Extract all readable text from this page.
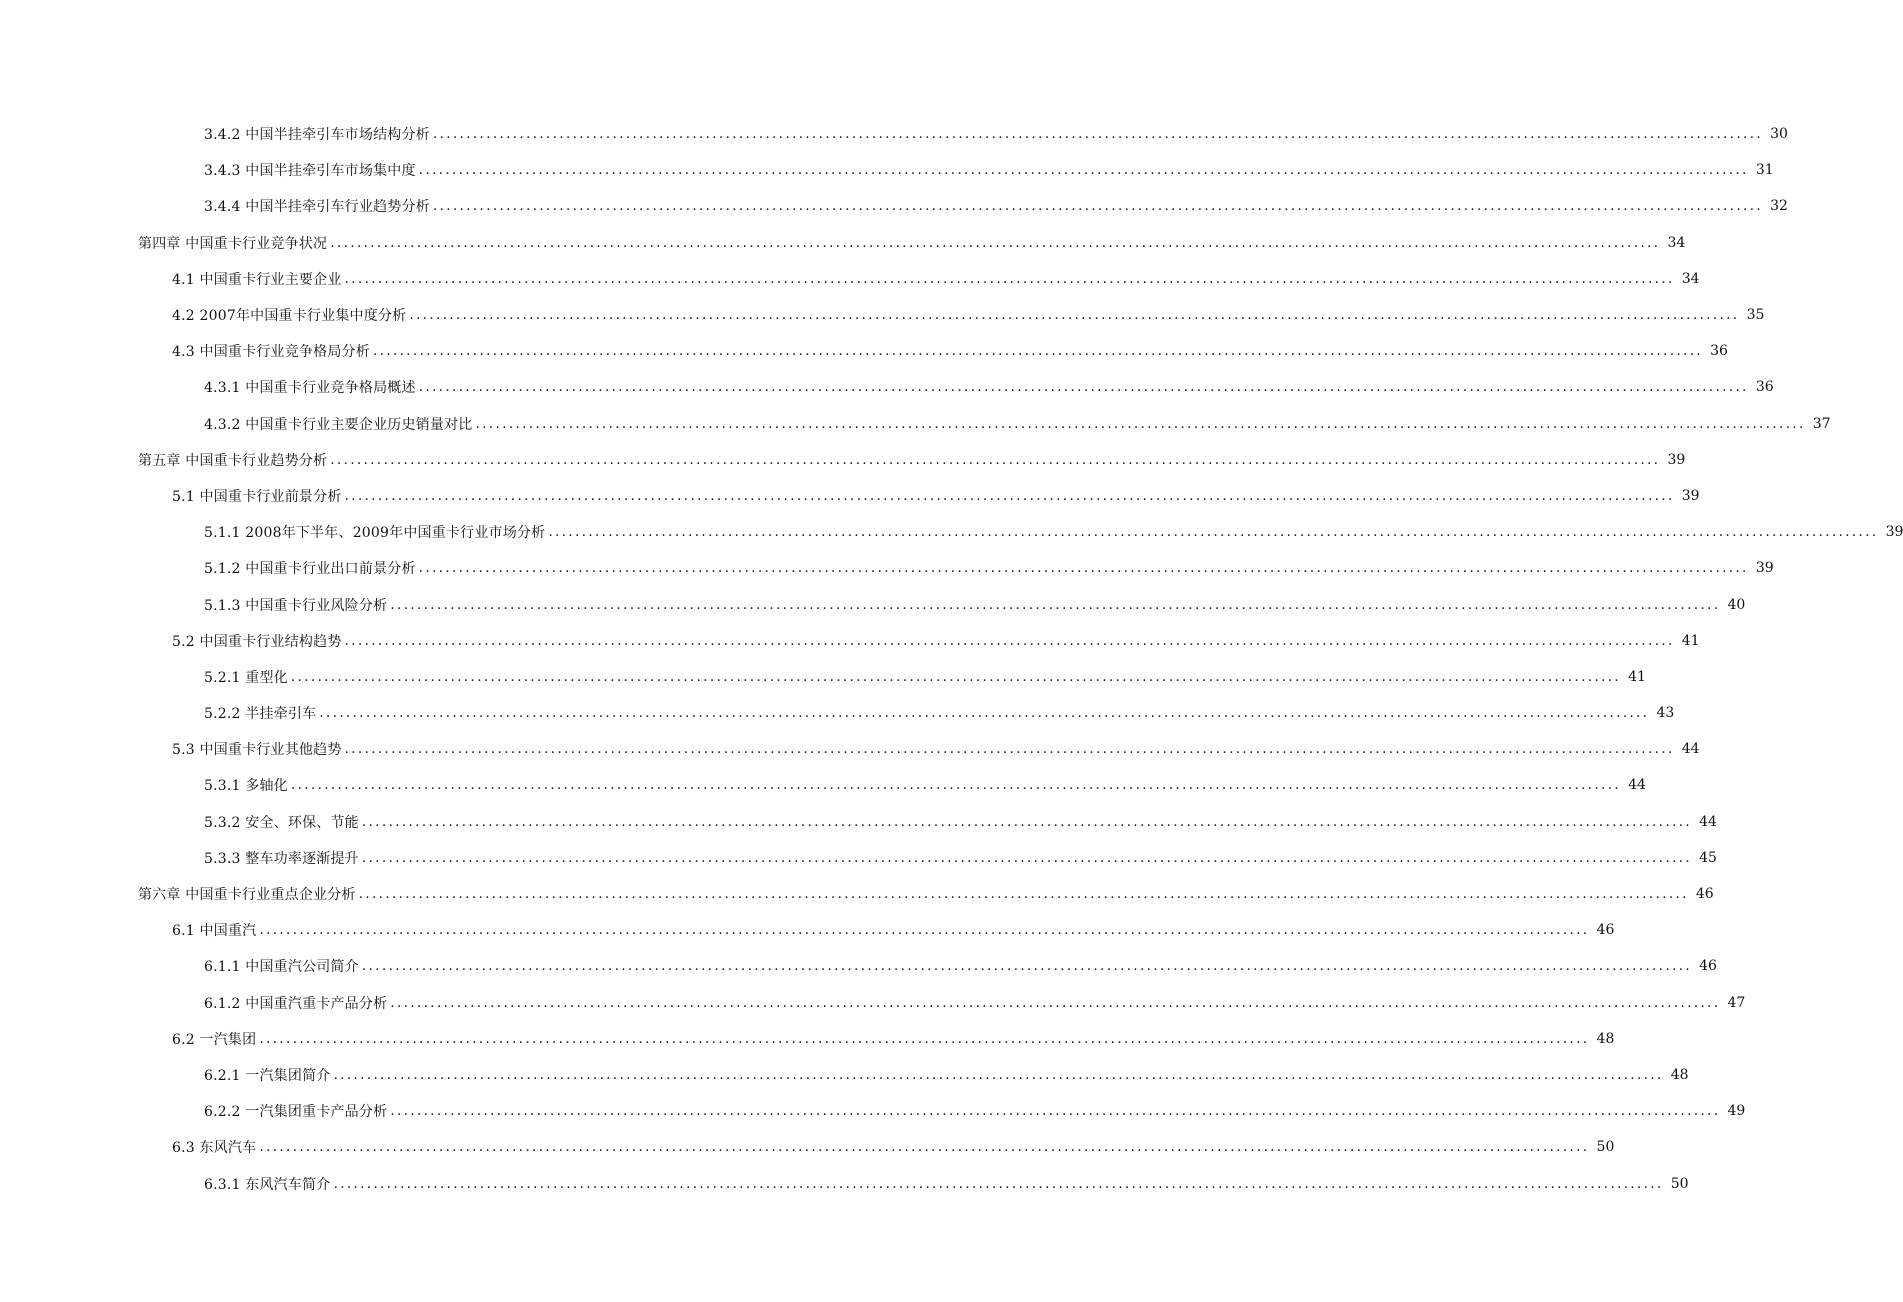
3.4.2 中国半挂牵引车市场结构分析 ........................................................................................................................................................................................................ 30
3.4.3 中国半挂牵引车市场集中度 ........................................................................................................................................................................................................ 31
3.4.4 中国半挂牵引车行业趋势分析 ........................................................................................................................................................................................................ 32
第四章 中国重卡行业竞争状况 ........................................................................................................................................................................................................ 34
4.1 中国重卡行业主要企业 ........................................................................................................................................................................................................ 34
4.2 2007年中国重卡行业集中度分析 ........................................................................................................................................................................................................ 35
4.3 中国重卡行业竞争格局分析 ........................................................................................................................................................................................................ 36
4.3.1 中国重卡行业竞争格局概述 ........................................................................................................................................................................................................ 36
4.3.2 中国重卡行业主要企业历史销量对比 ........................................................................................................................................................................................................ 37
第五章 中国重卡行业趋势分析 ........................................................................................................................................................................................................ 39
5.1 中国重卡行业前景分析 ........................................................................................................................................................................................................ 39
5.1.1 2008年下半年、2009年中国重卡行业市场分析 ........................................................................................................................................................................................................ 39
5.1.2 中国重卡行业出口前景分析 ........................................................................................................................................................................................................ 39
5.1.3 中国重卡行业风险分析 ........................................................................................................................................................................................................ 40
5.2 中国重卡行业结构趋势 ........................................................................................................................................................................................................ 41
5.2.1 重型化 ........................................................................................................................................................................................................ 41
5.2.2 半挂牵引车 ........................................................................................................................................................................................................ 43
5.3 中国重卡行业其他趋势 ........................................................................................................................................................................................................ 44
5.3.1 多轴化 ........................................................................................................................................................................................................ 44
5.3.2 安全、环保、节能 ........................................................................................................................................................................................................ 44
5.3.3 整车功率逐渐提升 ........................................................................................................................................................................................................ 45
第六章 中国重卡行业重点企业分析 ........................................................................................................................................................................................................ 46
6.1 中国重汽 ........................................................................................................................................................................................................ 46
6.1.1 中国重汽公司简介 ........................................................................................................................................................................................................ 46
6.1.2 中国重汽重卡产品分析 ........................................................................................................................................................................................................ 47
6.2 一汽集团 ........................................................................................................................................................................................................ 48
6.2.1 一汽集团简介 ........................................................................................................................................................................................................ 48
6.2.2 一汽集团重卡产品分析 ........................................................................................................................................................................................................ 49
6.3 东风汽车 ........................................................................................................................................................................................................ 50
6.3.1 东风汽车简介 ........................................................................................................................................................................................................ 50
